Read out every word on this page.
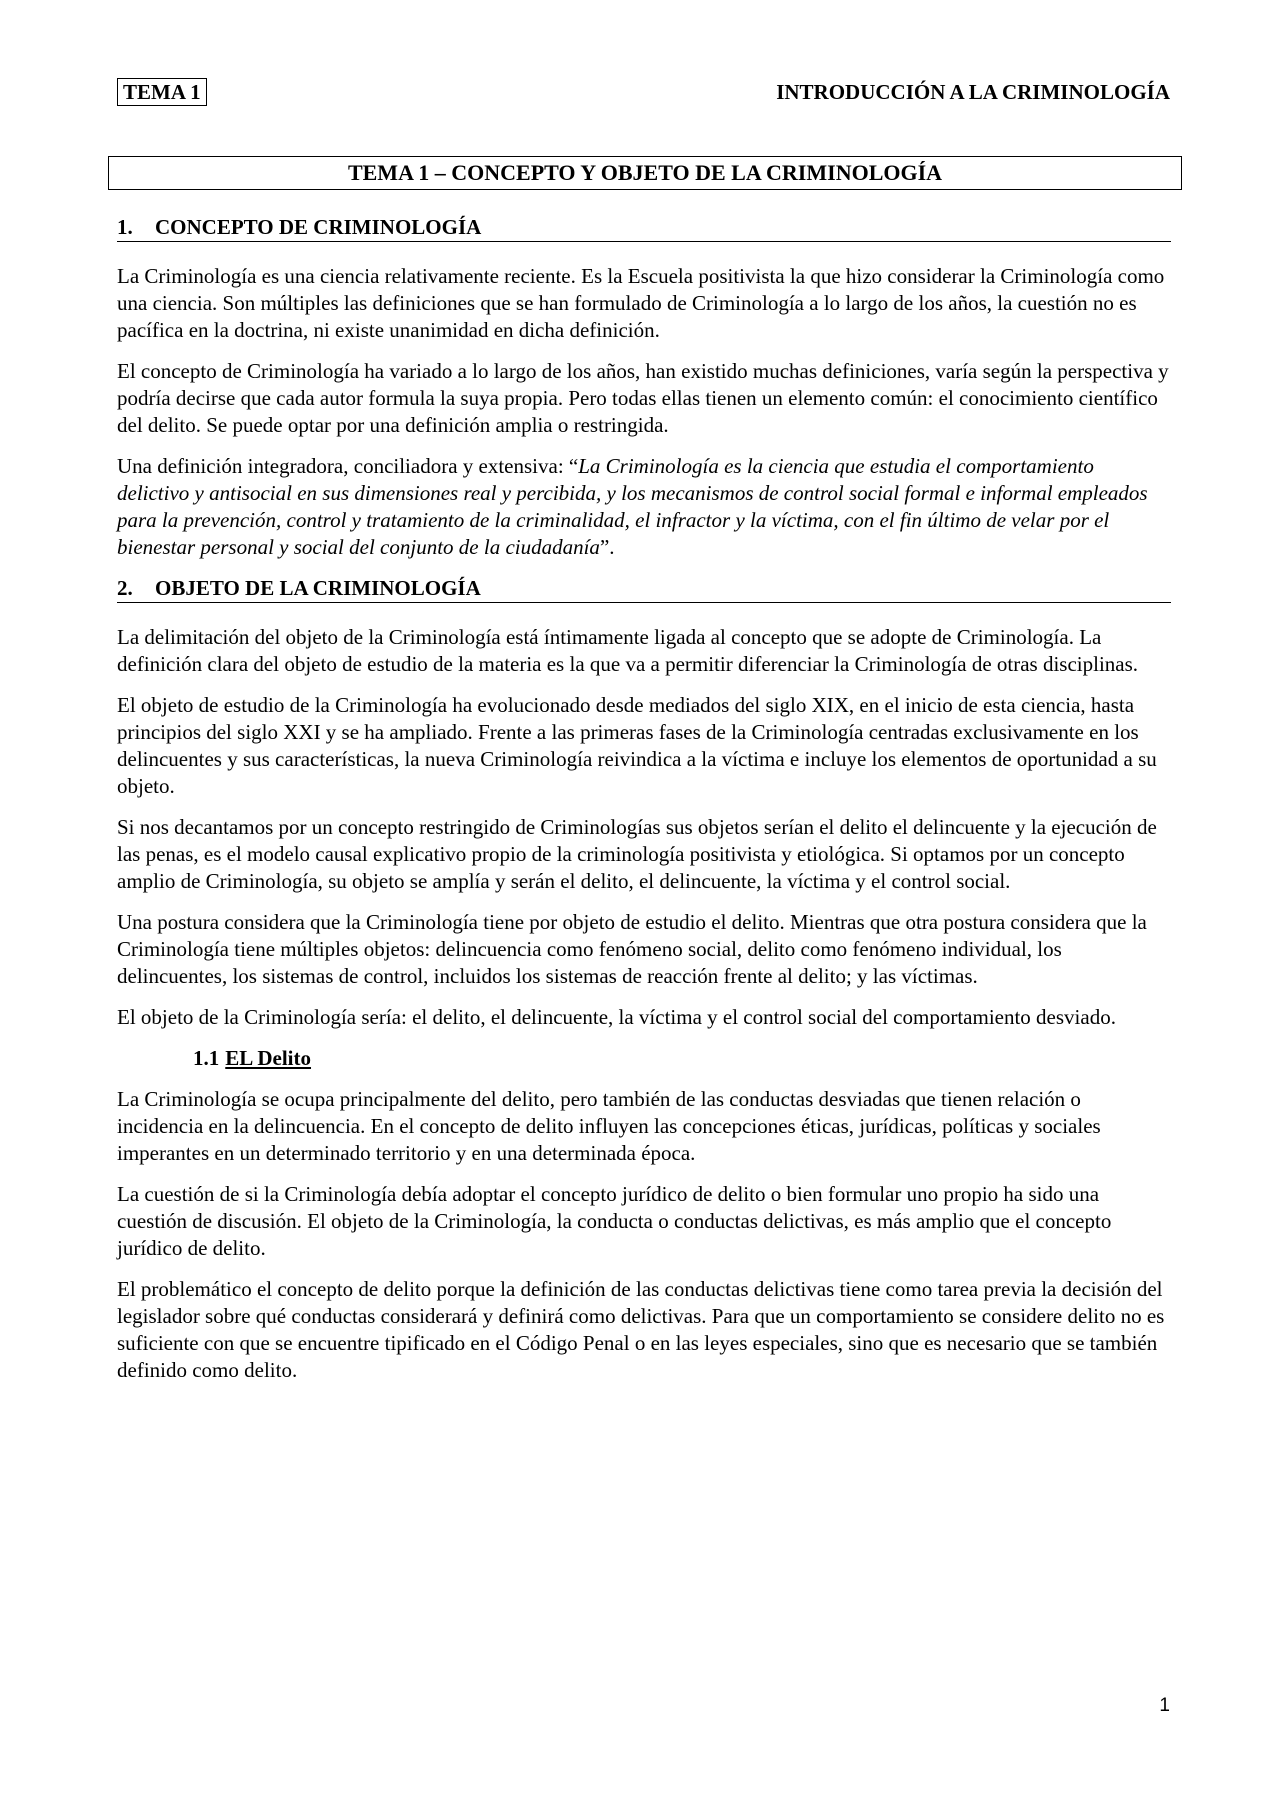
TEMA 1	INTRODUCCIÓN A LA CRIMINOLOGÍA
TEMA 1 – CONCEPTO Y OBJETO DE LA CRIMINOLOGÍA
1. CONCEPTO DE CRIMINOLOGÍA

La Criminología es una ciencia relativamente reciente. Es la Escuela positivista la que hizo considerar la Criminología como una ciencia. Son múltiples las definiciones que se han formulado de Criminología a lo largo de los años, la cuestión no es pacífica en la doctrina, ni existe unanimidad en dicha definición.

El concepto de Criminología ha variado a lo largo de los años, han existido muchas definiciones, varía según la perspectiva y podría decirse que cada autor formula la suya propia. Pero todas ellas tienen un elemento común: el conocimiento científico del delito. Se puede optar por una definición amplia o restringida.

Una definición integradora, conciliadora y extensiva: “La Criminología es la ciencia que estudia el comportamiento delictivo y antisocial en sus dimensiones real y percibida, y los mecanismos de control social formal e informal empleados para la prevención, control y tratamiento de la criminalidad, el infractor y la víctima, con el fin último de velar por el bienestar personal y social del conjunto de la ciudadanía”.

2. OBJETO DE LA CRIMINOLOGÍA

La delimitación del objeto de la Criminología está íntimamente ligada al concepto que se adopte de Criminología. La definición clara del objeto de estudio de la materia es la que va a permitir diferenciar la Criminología de otras disciplinas.

El objeto de estudio de la Criminología ha evolucionado desde mediados del siglo XIX, en el inicio de esta ciencia, hasta principios del siglo XXI y se ha ampliado. Frente a las primeras fases de la Criminología centradas exclusivamente en los delincuentes y sus características, la nueva Criminología reivindica a la víctima e incluye los elementos de oportunidad a su objeto.

Si nos decantamos por un concepto restringido de Criminologías sus objetos serían el delito el delincuente y la ejecución de las penas, es el modelo causal explicativo propio de la criminología positivista y etiológica. Si optamos por un concepto amplio de Criminología, su objeto se amplía y serán el delito, el delincuente, la víctima y el control social.

Una postura considera que la Criminología tiene por objeto de estudio el delito. Mientras que otra postura considera que la Criminología tiene múltiples objetos: delincuencia como fenómeno social, delito como fenómeno individual, los delincuentes, los sistemas de control, incluidos los sistemas de reacción frente al delito; y las víctimas.

El objeto de la Criminología sería: el delito, el delincuente, la víctima y el control social del comportamiento desviado.

1.1 EL Delito

La Criminología se ocupa principalmente del delito, pero también de las conductas desviadas que tienen relación o incidencia en la delincuencia. En el concepto de delito influyen las concepciones éticas, jurídicas, políticas y sociales imperantes en un determinado territorio y en una determinada época.

La cuestión de si la Criminología debía adoptar el concepto jurídico de delito o bien formular uno propio ha sido una cuestión de discusión. El objeto de la Criminología, la conducta o conductas delictivas, es más amplio que el concepto jurídico de delito.

El problemático el concepto de delito porque la definición de las conductas delictivas tiene como tarea previa la decisión del legislador sobre qué conductas considerará y definirá como delictivas. Para que un comportamiento se considere delito no es suficiente con que se encuentre tipificado en el Código Penal o en las leyes especiales, sino que es necesario que se también definido como delito.

1
